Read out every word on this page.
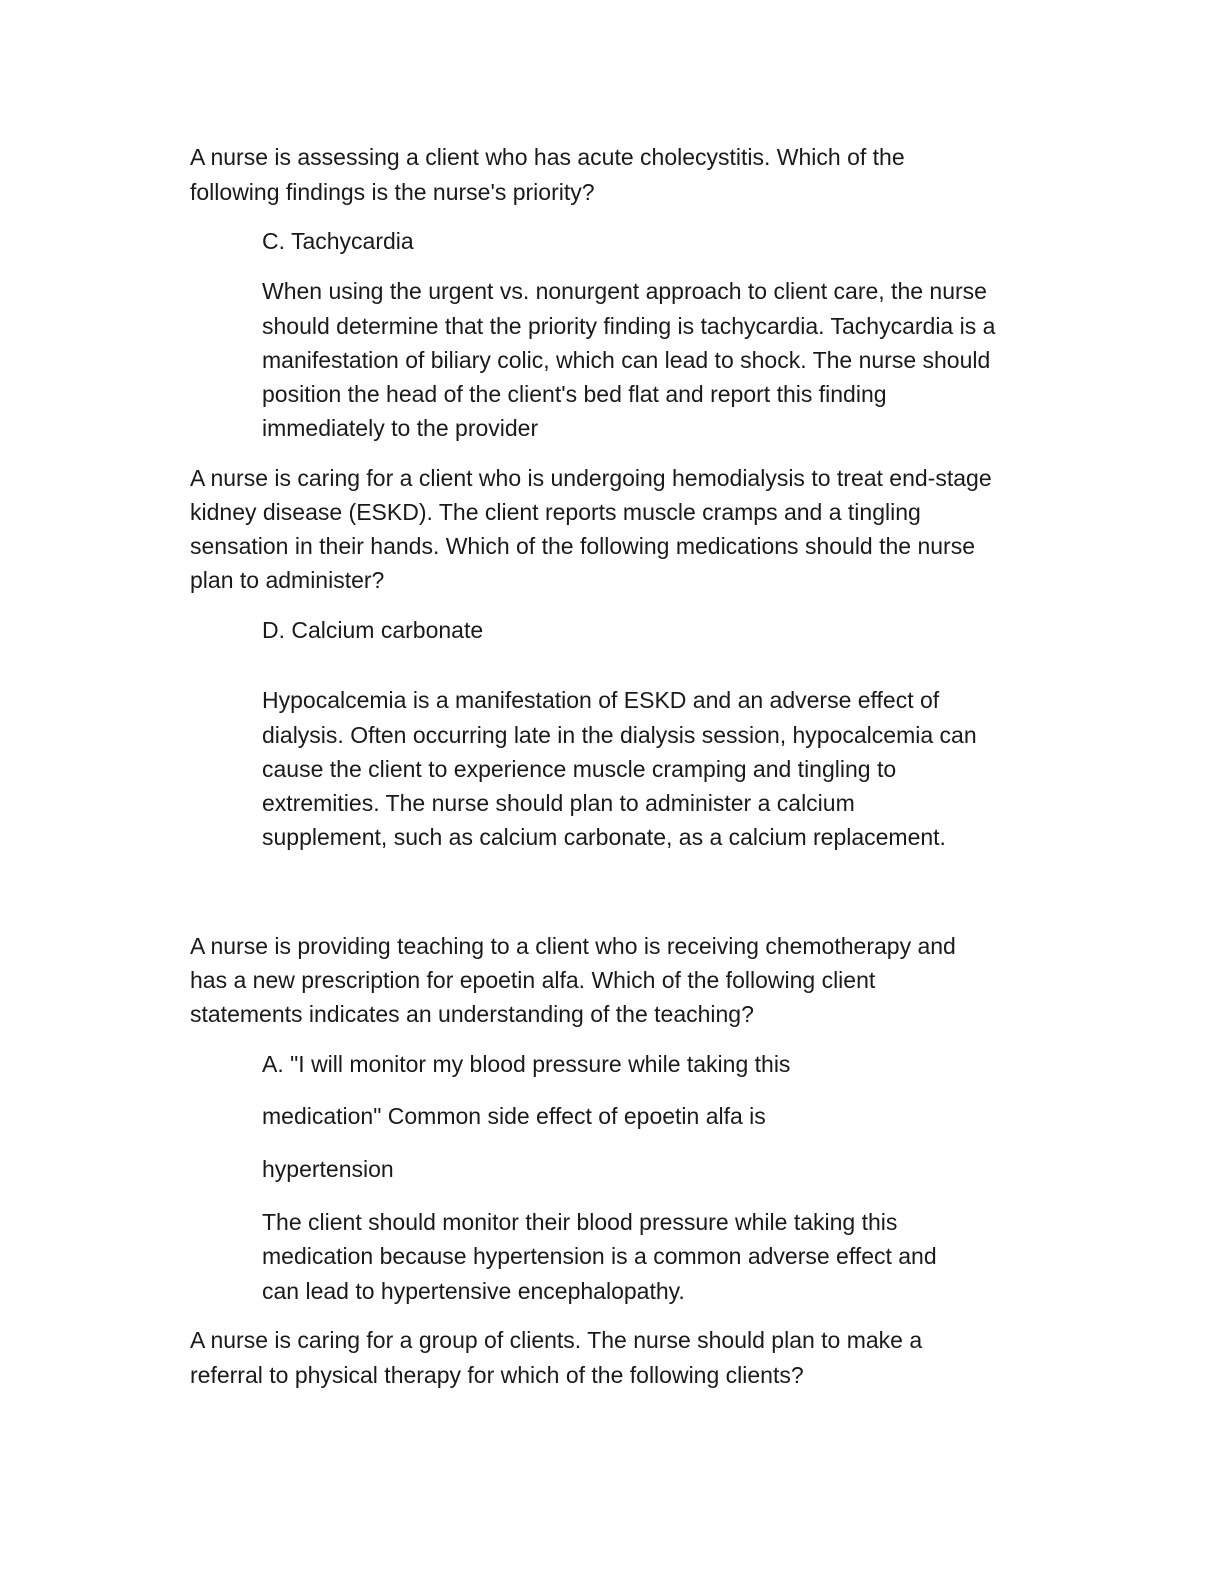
A nurse is assessing a client who has acute cholecystitis. Which of the

following findings is the nurse's priority?

C. Tachycardia

When using the urgent vs. nonurgent approach to client care, the nurse

should determine that the priority finding is tachycardia. Tachycardia is a

manifestation of biliary colic, which can lead to shock. The nurse should

position the head of the client's bed flat and report this finding

immediately to the provider

A nurse is caring for a client who is undergoing hemodialysis to treat end-stage

kidney disease (ESKD). The client reports muscle cramps and a tingling

sensation in their hands. Which of the following medications should the nurse

plan to administer?

D. Calcium carbonate

Hypocalcemia is a manifestation of ESKD and an adverse effect of

dialysis. Often occurring late in the dialysis session, hypocalcemia can

cause the client to experience muscle cramping and tingling to

extremities. The nurse should plan to administer a calcium

supplement, such as calcium carbonate, as a calcium replacement.

A nurse is providing teaching to a client who is receiving chemotherapy and

has a new prescription for epoetin alfa. Which of the following client

statements indicates an understanding of the teaching?

A. "I will monitor my blood pressure while taking this

medication" Common side effect of epoetin alfa is

hypertension

The client should monitor their blood pressure while taking this

medication because hypertension is a common adverse effect and

can lead to hypertensive encephalopathy.

A nurse is caring for a group of clients. The nurse should plan to make a

referral to physical therapy for which of the following clients?
